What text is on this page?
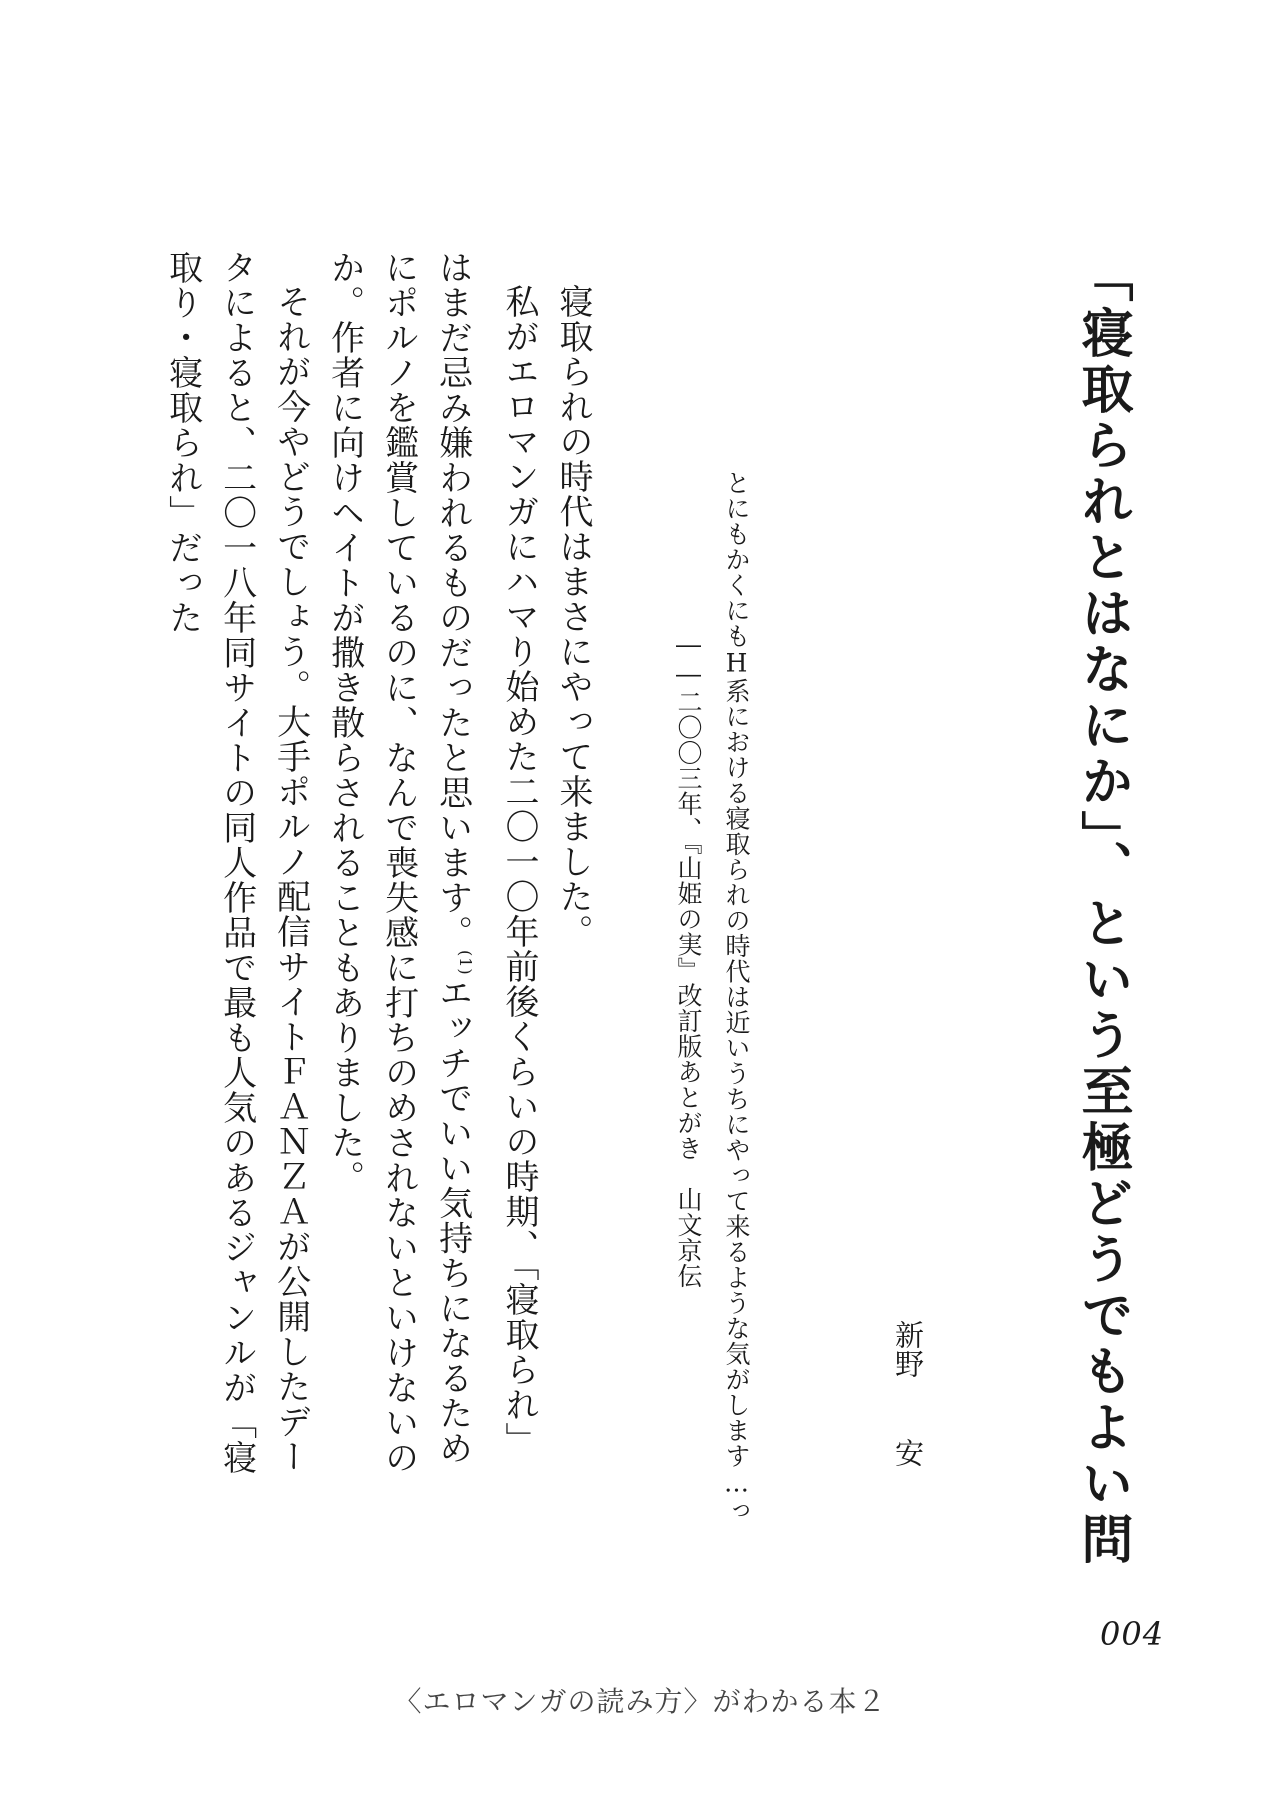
「寝取られとはなにか」、という至極どうでもよい問
新野安
とにもかくにもH系における寝取られの時代は近いうちにやって来るような気がします…っ
――二〇〇三年、『山姫の実』改訂版あとがき　山文京伝

寝取られの時代はまさにやって来ました。

私がエロマンガにハマり始めた二〇一〇年前後くらいの時期、「寝取られ」はまだ忌み嫌われるものだったと思います。$^{(1)}$エッチでいい気持ちになるためにポルノを鑑賞しているのに、なんで喪失感に打ちのめされないといけないのか。作者に向けヘイトが撒き散らされることもありました。

それが今やどうでしょう。大手ポルノ配信サイトＦＡＮＺＡが公開したデータによると、二〇一八年同サイトの同人作品で最も人気のあるジャンルが「寝取り・寝取られ」だった

004
〈エロマンガの読み方〉がわかる本２
